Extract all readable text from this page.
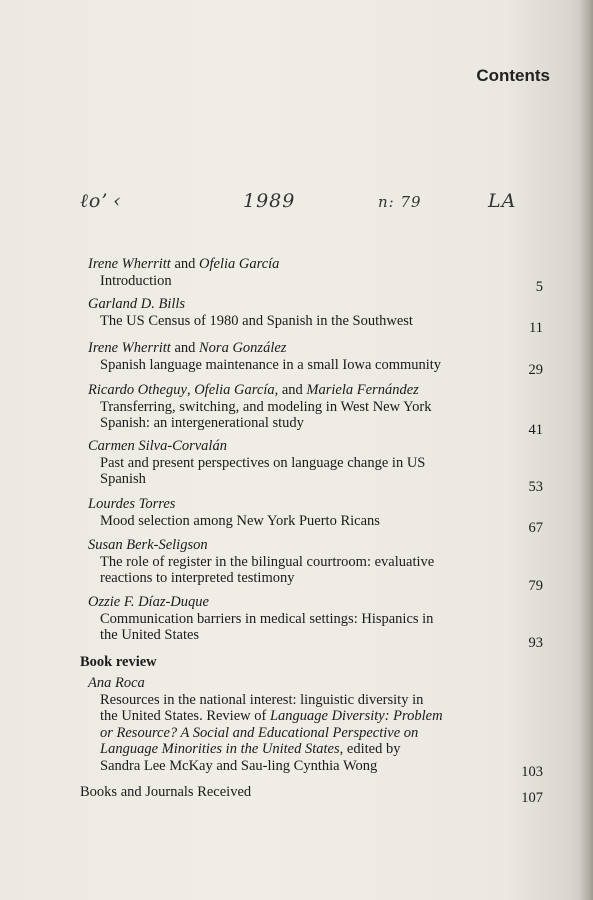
Contents
ℓo’ ‹	1989	n: 79	LA
Irene Wherritt and Ofelia García
Introduction	5
Garland D. Bills
The US Census of 1980 and Spanish in the Southwest	11
Irene Wherritt and Nora González
Spanish language maintenance in a small Iowa community	29
Ricardo Otheguy, Ofelia García, and Mariela Fernández
Transferring, switching, and modeling in West New York
Spanish: an intergenerational study	41
Carmen Silva-Corvalán
Past and present perspectives on language change in US
Spanish	53
Lourdes Torres
Mood selection among New York Puerto Ricans	67
Susan Berk-Seligson
The role of register in the bilingual courtroom: evaluative
reactions to interpreted testimony	79
Ozzie F. Díaz-Duque
Communication barriers in medical settings: Hispanics in
the United States	93
Book review
Ana Roca
Resources in the national interest: linguistic diversity in
the United States. Review of Language Diversity: Problem
or Resource? A Social and Educational Perspective on
Language Minorities in the United States, edited by
Sandra Lee McKay and Sau-ling Cynthia Wong	103
Books and Journals Received	107
